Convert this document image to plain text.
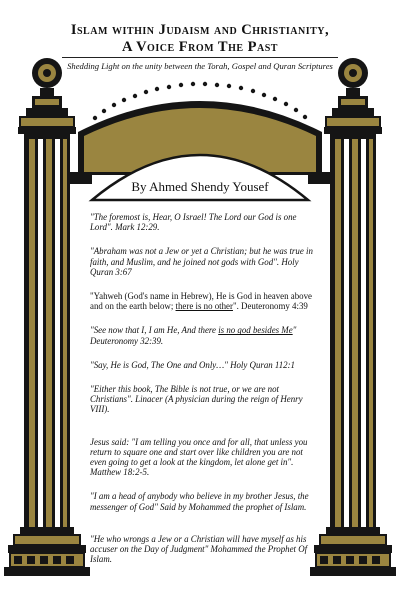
Islam within Judaism and Christianity,
A Voice From The Past
Shedding Light on the unity between the Torah, Gospel and Quran Scriptures
By Ahmed Shendy Yousef

"The foremost is, Hear, O Israel! The Lord our God is one Lord". Mark 12:29.

"Abraham was not a Jew or yet a Christian; but he was true in faith, and Muslim, and he joined not gods with God". Holy Quran 3:67

"Yahweh (God's name in Hebrew), He is God in heaven above and on the earth below; there is no other". Deuteronomy 4:39

"See now that I, I am He, And there is no god besides Me" Deuteronomy 32:39.

"Say, He is God, The One and Only…" Holy Quran 112:1

"Either this book, The Bible is not true, or we are not Christians". Linacer (A physician during the reign of Henry VIII).

Jesus said: "I am telling you once and for all, that unless you return to square one and start over like children you are not even going to get a look at the kingdom, let alone get in". Matthew 18:2-5.

"I am a head of anybody who believe in my brother Jesus, the messenger of God" Said by Mohammed the prophet of Islam.

"He who wrongs a Jew or a Christian will have myself as his accuser on the Day of Judgment" Mohammed the Prophet Of Islam.
